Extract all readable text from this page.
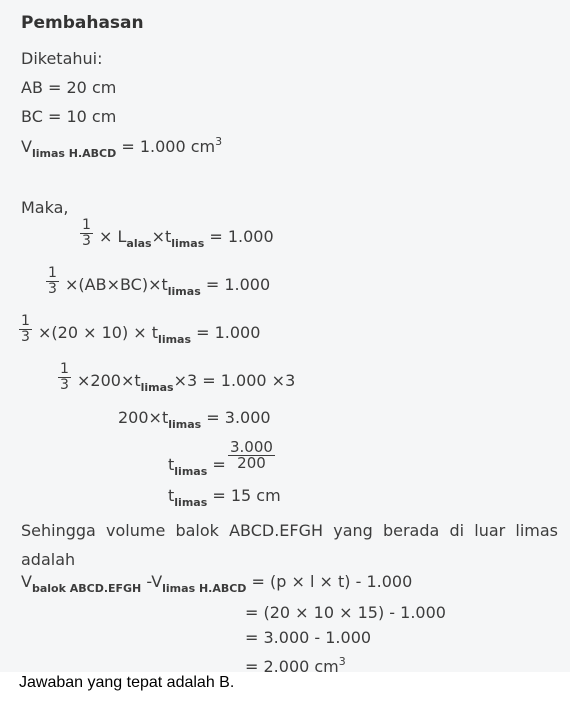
Pembahasan
Diketahui:
AB = 20 cm
BC = 10 cm
$V_{limas H.ABCD} = 1.000$ $cm^3$
Maka,
1
$3 \times L_{alas}\times t_{limas} = 1.000$
1
$3 \times(AB\times BC)\times t_{limas} = 1.000$
1
$3 \times(20 \times 10) \times t_{limas} = 1.000$
1
$3 \times 200\times t_{limas}\times 3 = 1.000 \times 3$
$200\times t_{limas} = 3.000$
$t_{limas}$ =
3.000
200
$t_{limas} = 15$ cm
Sehingga volume balok ABCD.EFGH yang berada di luar limas
adalah
$V_{balok ABCD.EFGH}$ $-V_{limas H.ABCD} = (p \times l \times t) - 1.000$
= (20 × 10 × 15) - 1.000
= 3.000 - 1.000
= 2.000 $cm^3$
Jawaban yang tepat adalah B.
